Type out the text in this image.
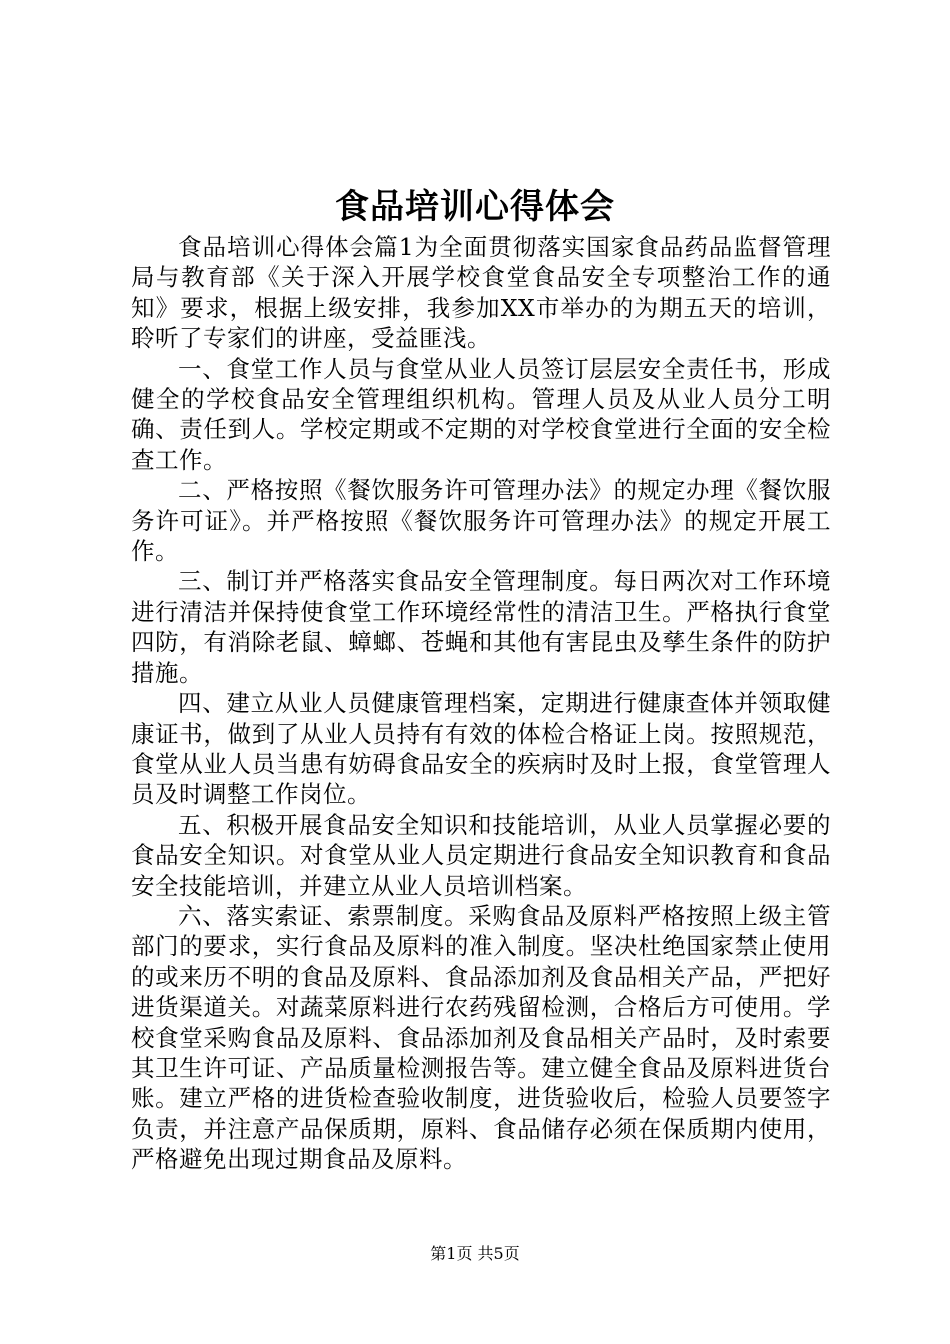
食品培训心得体会

食品培训心得体会篇1为全面贯彻落实国家食品药品监督管理局与教育部《关于深入开展学校食堂食品安全专项整治工作的通知》要求，根据上级安排，我参加XX市举办的为期五天的培训，聆听了专家们的讲座，受益匪浅。

一、食堂工作人员与食堂从业人员签订层层安全责任书，形成健全的学校食品安全管理组织机构。管理人员及从业人员分工明确、责任到人。学校定期或不定期的对学校食堂进行全面的安全检查工作。

二、严格按照《餐饮服务许可管理办法》的规定办理《餐饮服务许可证》。并严格按照《餐饮服务许可管理办法》的规定开展工作。

三、制订并严格落实食品安全管理制度。每日两次对工作环境进行清洁并保持使食堂工作环境经常性的清洁卫生。严格执行食堂四防，有消除老鼠、蟑螂、苍蝇和其他有害昆虫及孳生条件的防护措施。

四、建立从业人员健康管理档案，定期进行健康查体并领取健康证书，做到了从业人员持有有效的体检合格证上岗。按照规范，食堂从业人员当患有妨碍食品安全的疾病时及时上报，食堂管理人员及时调整工作岗位。

五、积极开展食品安全知识和技能培训，从业人员掌握必要的食品安全知识。对食堂从业人员定期进行食品安全知识教育和食品安全技能培训，并建立从业人员培训档案。

六、落实索证、索票制度。采购食品及原料严格按照上级主管部门的要求，实行食品及原料的准入制度。坚决杜绝国家禁止使用的或来历不明的食品及原料、食品添加剂及食品相关产品，严把好进货渠道关。对蔬菜原料进行农药残留检测，合格后方可使用。学校食堂采购食品及原料、食品添加剂及食品相关产品时，及时索要其卫生许可证、产品质量检测报告等。建立健全食品及原料进货台账。建立严格的进货检查验收制度，进货验收后，检验人员要签字负责，并注意产品保质期，原料、食品储存必须在保质期内使用，严格避免出现过期食品及原料。

第1页 共5页
